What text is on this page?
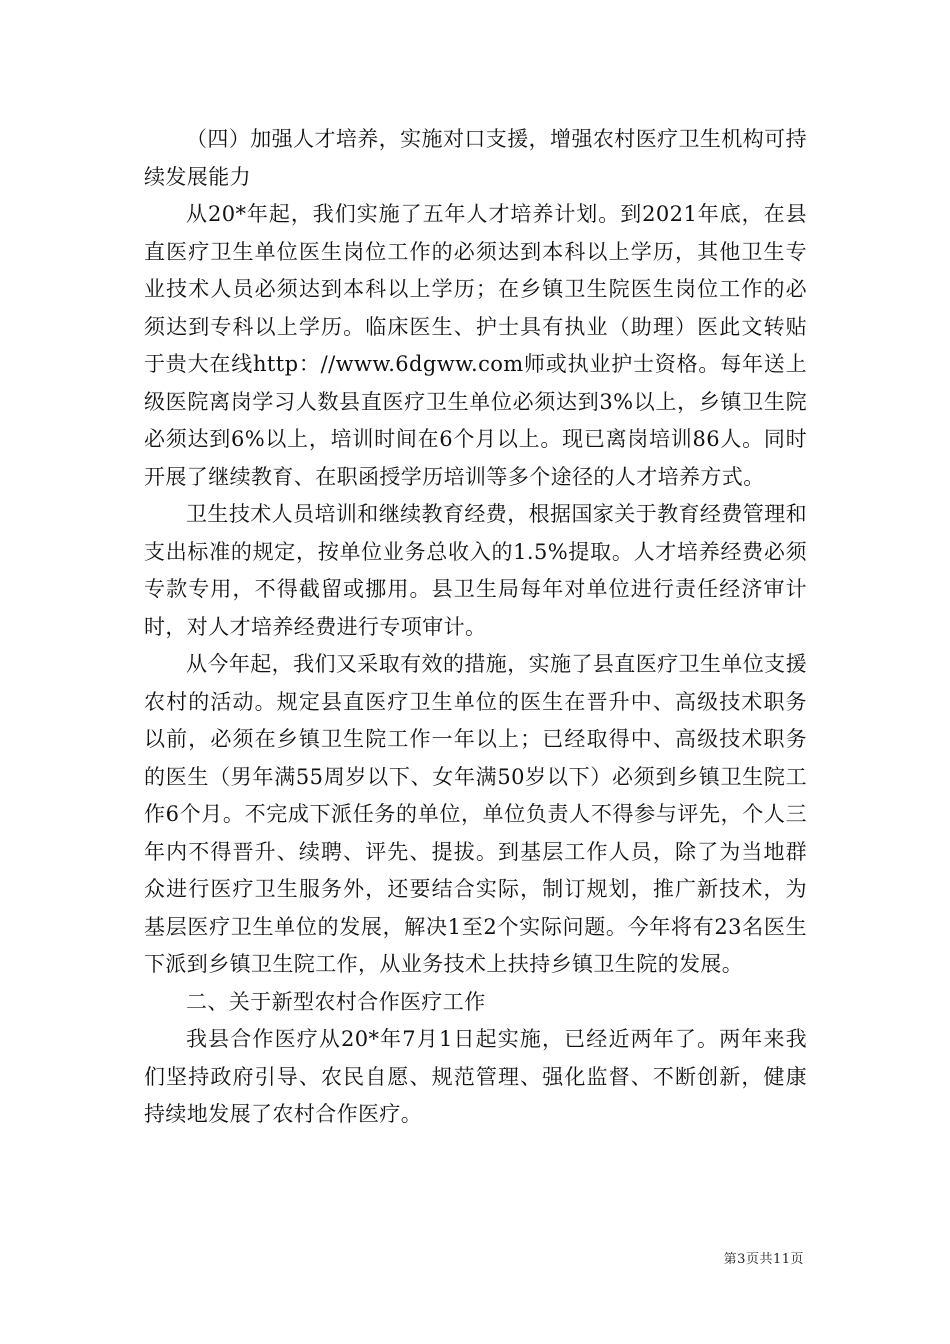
（四）加强人才培养，实施对口支援，增强农村医疗卫生机构可持续发展能力

从20*年起，我们实施了五年人才培养计划。到2021年底，在县直医疗卫生单位医生岗位工作的必须达到本科以上学历，其他卫生专业技术人员必须达到本科以上学历；在乡镇卫生院医生岗位工作的必须达到专科以上学历。临床医生、护士具有执业（助理）医此文转贴于贵大在线http：//www.6dgww.com师或执业护士资格。每年送上级医院离岗学习人数县直医疗卫生单位必须达到3%以上，乡镇卫生院必须达到6%以上，培训时间在6个月以上。现已离岗培训86人。同时开展了继续教育、在职函授学历培训等多个途径的人才培养方式。

卫生技术人员培训和继续教育经费，根据国家关于教育经费管理和支出标准的规定，按单位业务总收入的1.5%提取。人才培养经费必须专款专用，不得截留或挪用。县卫生局每年对单位进行责任经济审计时，对人才培养经费进行专项审计。

从今年起，我们又采取有效的措施，实施了县直医疗卫生单位支援农村的活动。规定县直医疗卫生单位的医生在晋升中、高级技术职务以前，必须在乡镇卫生院工作一年以上；已经取得中、高级技术职务的医生（男年满55周岁以下、女年满50岁以下）必须到乡镇卫生院工作6个月。不完成下派任务的单位，单位负责人不得参与评先，个人三年内不得晋升、续聘、评先、提拔。到基层工作人员，除了为当地群众进行医疗卫生服务外，还要结合实际，制订规划，推广新技术，为基层医疗卫生单位的发展，解决1至2个实际问题。今年将有23名医生下派到乡镇卫生院工作，从业务技术上扶持乡镇卫生院的发展。

二、关于新型农村合作医疗工作

我县合作医疗从20*年7月1日起实施，已经近两年了。两年来我们坚持政府引导、农民自愿、规范管理、强化监督、不断创新，健康持续地发展了农村合作医疗。

第3页共11页
